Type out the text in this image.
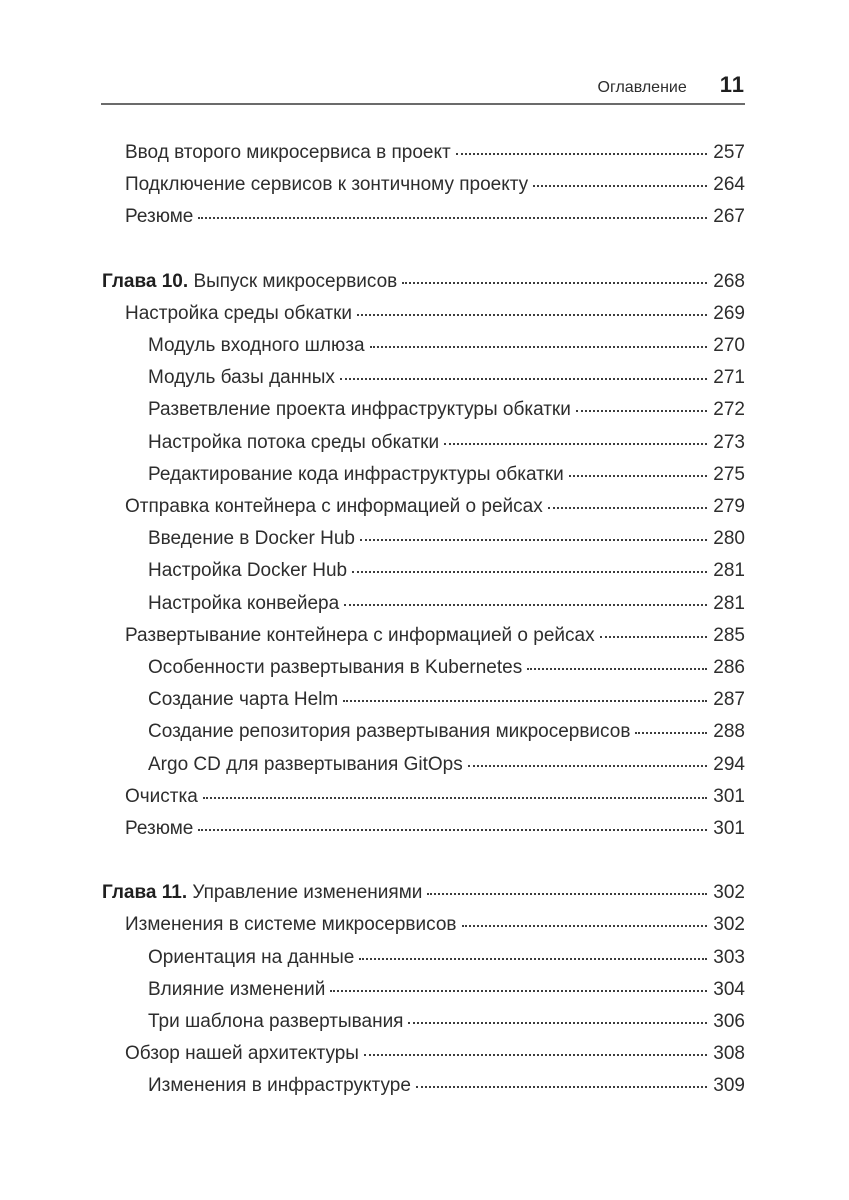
Оглавление 11
Ввод второго микросервиса в проект	257
Подключение сервисов к зонтичному проекту	264
Резюме	267
Глава 10. Выпуск микросервисов	268
Настройка среды обкатки	269
Модуль входного шлюза	270
Модуль базы данных	271
Разветвление проекта инфраструктуры обкатки	272
Настройка потока среды обкатки	273
Редактирование кода инфраструктуры обкатки	275
Отправка контейнера с информацией о рейсах	279
Введение в Docker Hub	280
Настройка Docker Hub	281
Настройка конвейера	281
Развертывание контейнера с информацией о рейсах	285
Особенности развертывания в Kubernetes	286
Создание чарта Helm	287
Создание репозитория развертывания микросервисов	288
Argo CD для развертывания GitOps	294
Очистка	301
Резюме	301
Глава 11. Управление изменениями	302
Изменения в системе микросервисов	302
Ориентация на данные	303
Влияние изменений	304
Три шаблона развертывания	306
Обзор нашей архитектуры	308
Изменения в инфраструктуре	309
